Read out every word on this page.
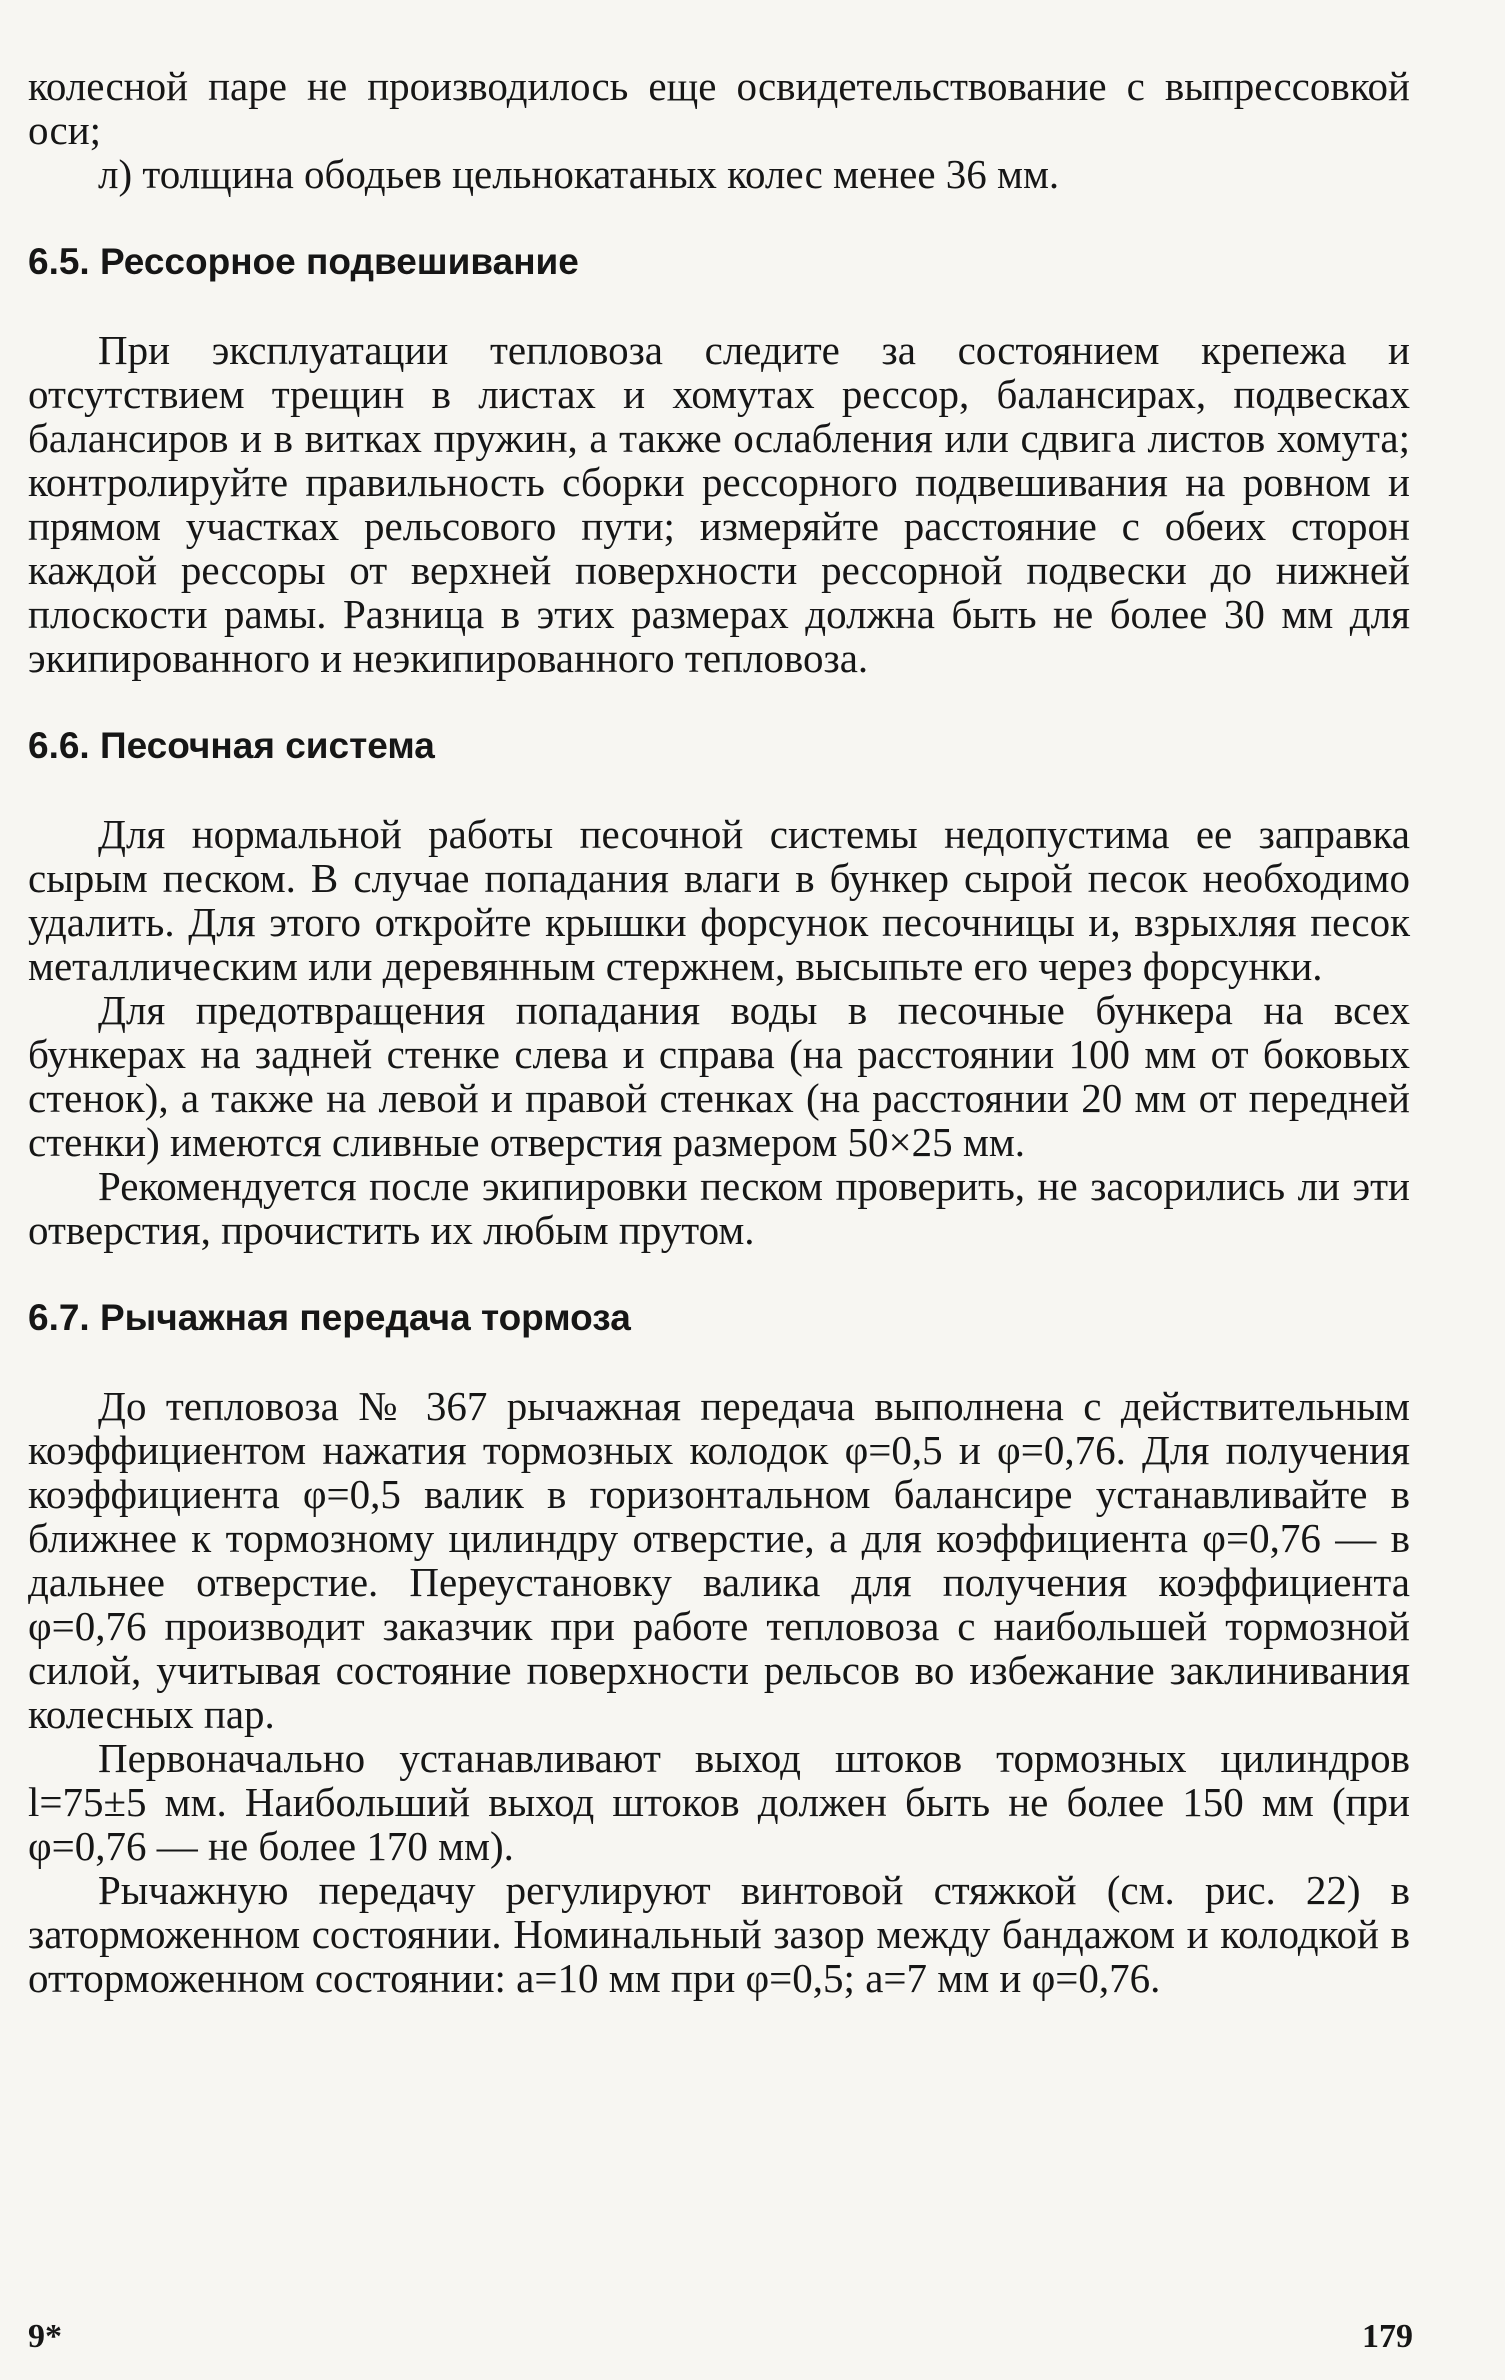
колесной паре не производилось еще освидетельствование с выпрессовкой оси;

л) толщина ободьев цельнокатаных колес менее 36 мм.

6.5. Рессорное подвешивание

При эксплуатации тепловоза следите за состоянием крепежа и отсутствием трещин в листах и хомутах рессор, балансирах, подвесках балансиров и в витках пружин, а также ослабления или сдвига листов хомута; контролируйте правильность сборки рессорного подвешивания на ровном и прямом участках рельсового пути; измеряйте расстояние с обеих сторон каждой рессоры от верхней поверхности рессорной подвески до нижней плоскости рамы. Разница в этих размерах должна быть не более 30 мм для экипированного и неэкипированного тепловоза.

6.6. Песочная система

Для нормальной работы песочной системы недопустима ее заправка сырым песком. В случае попадания влаги в бункер сырой песок необходимо удалить. Для этого откройте крышки форсунок песочницы и, взрыхляя песок металлическим или деревянным стержнем, высыпьте его через форсунки.

Для предотвращения попадания воды в песочные бункера на всех бункерах на задней стенке слева и справа (на расстоянии 100 мм от боковых стенок), а также на левой и правой стенках (на расстоянии 20 мм от передней стенки) имеются сливные отверстия размером 50×25 мм.

Рекомендуется после экипировки песком проверить, не засорились ли эти отверстия, прочистить их любым прутом.

6.7. Рычажная передача тормоза

До тепловоза № 367 рычажная передача выполнена с действительным коэффициентом нажатия тормозных колодок φ=0,5 и φ=0,76. Для получения коэффициента φ=0,5 валик в горизонтальном балансире устанавливайте в ближнее к тормозному цилиндру отверстие, а для коэффициента φ=0,76 — в дальнее отверстие. Переустановку валика для получения коэффициента φ=0,76 производит заказчик при работе тепловоза с наибольшей тормозной силой, учитывая состояние поверхности рельсов во избежание заклинивания колесных пар.

Первоначально устанавливают выход штоков тормозных цилиндров l=75±5 мм. Наибольший выход штоков должен быть не более 150 мм (при φ=0,76 — не более 170 мм).

Рычажную передачу регулируют винтовой стяжкой (см. рис. 22) в заторможенном состоянии. Номинальный зазор между бандажом и колодкой в отторможенном состоянии: a=10 мм при φ=0,5; a=7 мм и φ=0,76.

9*	179
